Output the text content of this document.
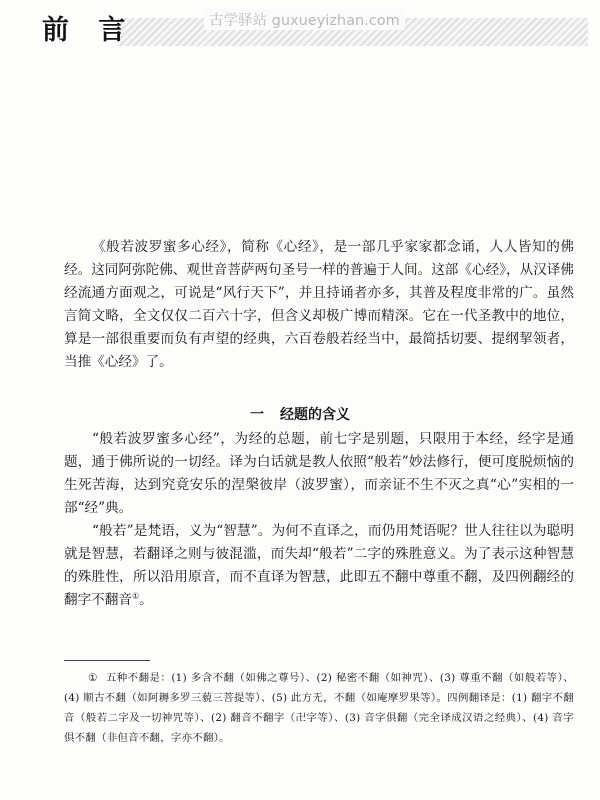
前 言	古学驿站 guxueyizhan.com

《般若波罗蜜多心经》，简称《心经》，是一部几乎家家都念诵，人人皆知的佛经。这同阿弥陀佛、观世音菩萨两句圣号一样的普遍于人间。这部《心经》，从汉译佛经流通方面观之，可说是“风行天下”，并且持诵者亦多，其普及程度非常的广。虽然言简文略，全文仅仅二百六十字，但含义却极广博而精深。它在一代圣教中的地位，算是一部很重要而负有声望的经典，六百卷般若经当中，最简括切要、提纲挈领者，当推《心经》了。

一 经题的含义

“般若波罗蜜多心经”，为经的总题，前七字是别题，只限用于本经，经字是通题，通于佛所说的一切经。译为白话就是教人依照“般若”妙法修行，便可度脱烦恼的生死苦海，达到究竟安乐的涅槃彼岸（波罗蜜），而亲证不生不灭之真“心”实相的一部“经”典。

“般若”是梵语，义为“智慧”。为何不直译之，而仍用梵语呢？世人往往以为聪明就是智慧，若翻译之则与彼混滥，而失却“般若”二字的殊胜意义。为了表示这种智慧的殊胜性，所以沿用原音，而不直译为智慧，此即五不翻中尊重不翻，及四例翻经的翻字不翻音①。

① 五种不翻是：(1) 多含不翻（如佛之尊号）、(2) 秘密不翻（如神咒）、(3) 尊重不翻（如般若等）、(4) 顺古不翻（如阿耨多罗三藐三菩提等）、(5) 此方无，不翻（如庵摩罗果等）。四例翻译是：(1) 翻字不翻音（般若二字及一切神咒等）、(2) 翻音不翻字（卍字等）、(3) 音字俱翻（完全译成汉语之经典）、(4) 音字俱不翻（非但音不翻，字亦不翻）。
